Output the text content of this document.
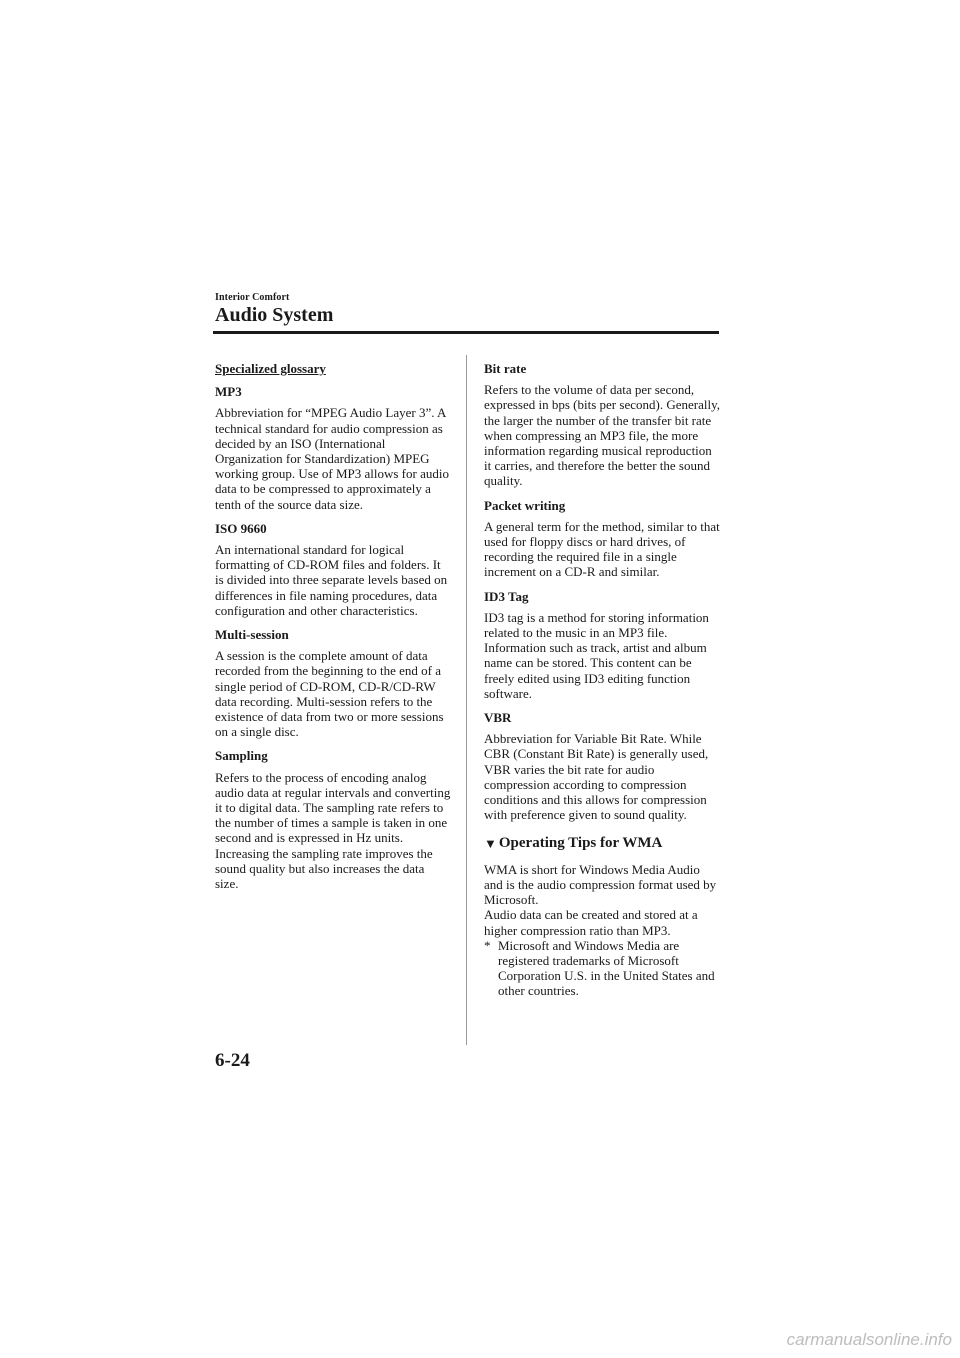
Interior Comfort
Audio System
Specialized glossary
MP3
Abbreviation for “MPEG Audio Layer 3”. A technical standard for audio compression as decided by an ISO (International Organization for Standardization) MPEG working group. Use of MP3 allows for audio data to be compressed to approximately a tenth of the source data size.
ISO 9660
An international standard for logical formatting of CD-ROM files and folders. It is divided into three separate levels based on differences in file naming procedures, data configuration and other characteristics.
Multi-session
A session is the complete amount of data recorded from the beginning to the end of a single period of CD-ROM, CD-R/CD-RW data recording. Multi-session refers to the existence of data from two or more sessions on a single disc.
Sampling
Refers to the process of encoding analog audio data at regular intervals and converting it to digital data. The sampling rate refers to the number of times a sample is taken in one second and is expressed in Hz units. Increasing the sampling rate improves the sound quality but also increases the data size.
Bit rate
Refers to the volume of data per second, expressed in bps (bits per second). Generally, the larger the number of the transfer bit rate when compressing an MP3 file, the more information regarding musical reproduction it carries, and therefore the better the sound quality.
Packet writing
A general term for the method, similar to that used for floppy discs or hard drives, of recording the required file in a single increment on a CD-R and similar.
ID3 Tag
ID3 tag is a method for storing information related to the music in an MP3 file. Information such as track, artist and album name can be stored. This content can be freely edited using ID3 editing function software.
VBR
Abbreviation for Variable Bit Rate. While CBR (Constant Bit Rate) is generally used, VBR varies the bit rate for audio compression according to compression conditions and this allows for compression with preference given to sound quality.
▼ Operating Tips for WMA
WMA is short for Windows Media Audio and is the audio compression format used by Microsoft.
Audio data can be created and stored at a higher compression ratio than MP3.
* Microsoft and Windows Media are registered trademarks of Microsoft Corporation U.S. in the United States and other countries.
6-24
carmanualsonline.info
